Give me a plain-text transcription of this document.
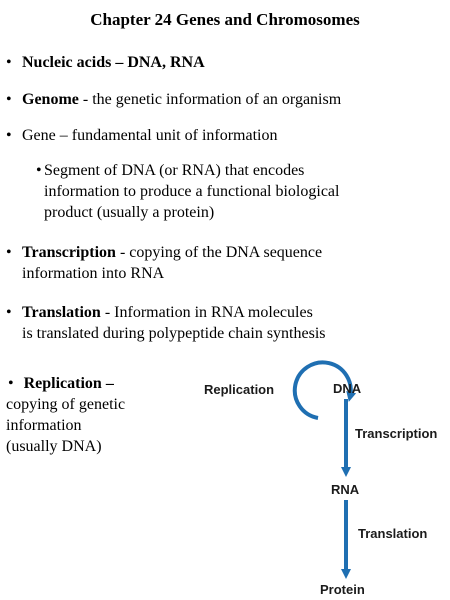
Chapter 24 Genes and Chromosomes
• Nucleic acids – DNA, RNA
• Genome - the genetic information of an organism
• Gene – fundamental unit of information
• Segment of DNA (or RNA) that encodes
information to produce a functional biological
product (usually a protein)
• Transcription - copying of the DNA sequence
information into RNA
• Translation - Information in RNA molecules
is translated during polypeptide chain synthesis
• Replication –
copying of genetic
information
(usually DNA)
Replication	DNA
Transcription
RNA
Translation
Protein
